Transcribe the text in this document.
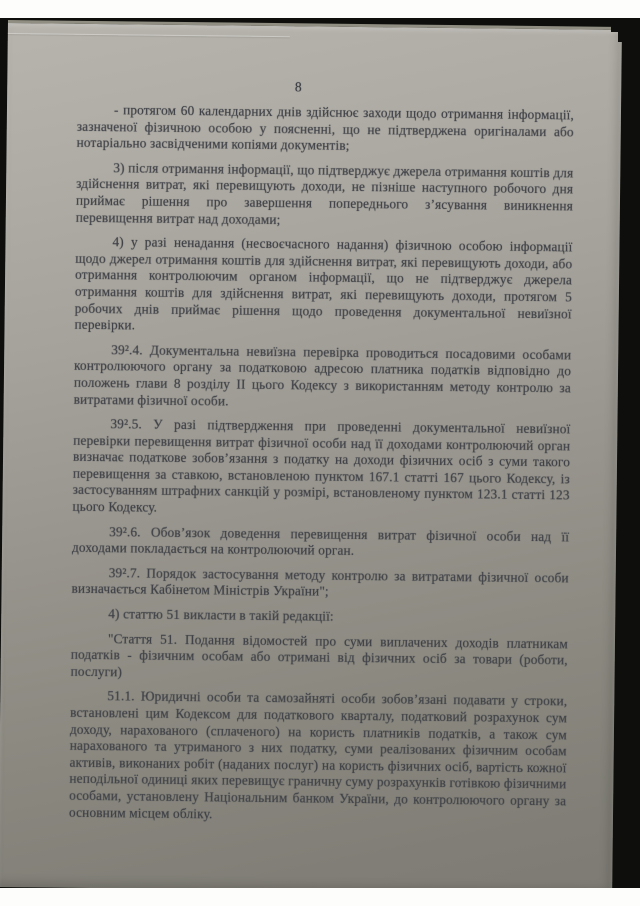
8

- протягом 60 календарних днів здійснює заходи щодо отримання інформації, зазначеної фізичною особою у поясненні, що не підтверджена оригіналами або нотаріально засвідченими копіями документів;

3) після отримання інформації, що підтверджує джерела отримання коштів для здійснення витрат, які перевищують доходи, не пізніше наступного робочого дня приймає рішення про завершення попереднього з’ясування виникнення перевищення витрат над доходами;

4) у разі ненадання (несвоєчасного надання) фізичною особою інформації щодо джерел отримання коштів для здійснення витрат, які перевищують доходи, або отримання контролюючим органом інформації, що не підтверджує джерела отримання коштів для здійснення витрат, які перевищують доходи, протягом 5 робочих днів приймає рішення щодо проведення документальної невиїзної перевірки.

39².4. Документальна невиїзна перевірка проводиться посадовими особами контролюючого органу за податковою адресою платника податків відповідно до положень глави 8 розділу ІІ цього Кодексу з використанням методу контролю за витратами фізичної особи.

39².5. У разі підтвердження при проведенні документальної невиїзної перевірки перевищення витрат фізичної особи над її доходами контролюючий орган визначає податкове зобов’язання з податку на доходи фізичних осіб з суми такого перевищення за ставкою, встановленою пунктом 167.1 статті 167 цього Кодексу, із застосуванням штрафних санкцій у розмірі, встановленому пунктом 123.1 статті 123 цього Кодексу.

39².6. Обов’язок доведення перевищення витрат фізичної особи над її доходами покладається на контролюючий орган.

39².7. Порядок застосування методу контролю за витратами фізичної особи визначається Кабінетом Міністрів України";

4) статтю 51 викласти в такій редакції:

"Стаття 51. Подання відомостей про суми виплачених доходів платникам податків - фізичним особам або отримані від фізичних осіб за товари (роботи, послуги)

51.1. Юридичні особи та самозайняті особи зобов’язані подавати у строки, встановлені цим Кодексом для податкового кварталу, податковий розрахунок сум доходу, нарахованого (сплаченого) на користь платників податків, а також сум нарахованого та утриманого з них податку, суми реалізованих фізичним особам активів, виконаних робіт (наданих послуг) на користь фізичних осіб, вартість кожної неподільної одиниці яких перевищує граничну суму розрахунків готівкою фізичними особами, установлену Національним банком України, до контролюючого органу за основним місцем обліку.
